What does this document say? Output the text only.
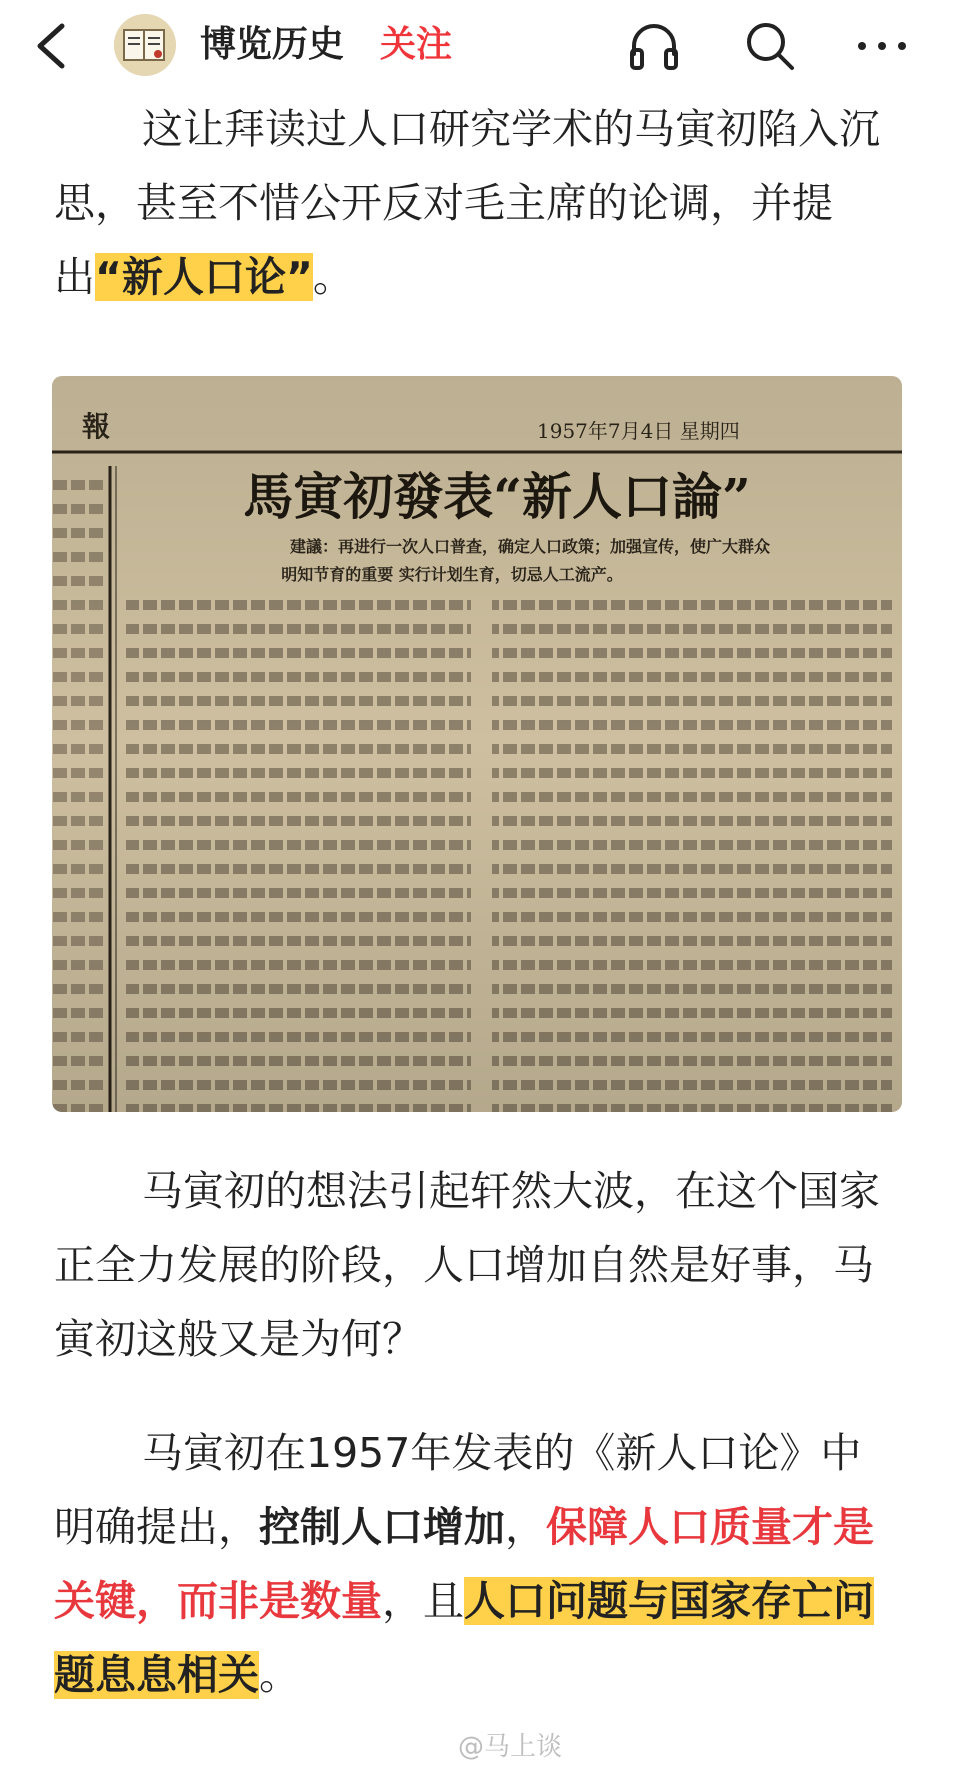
博览历史 关注

这让拜读过人口研究学术的马寅初陷入沉思，甚至不惜公开反对毛主席的论调，并提出“新人口论”。

马寅初的想法引起轩然大波，在这个国家正全力发展的阶段，人口增加自然是好事，马寅初这般又是为何？

马寅初在1957年发表的《新人口论》中明确提出，控制人口增加，保障人口质量才是关键，而非是数量，且人口问题与国家存亡问题息息相关。

@马上谈
